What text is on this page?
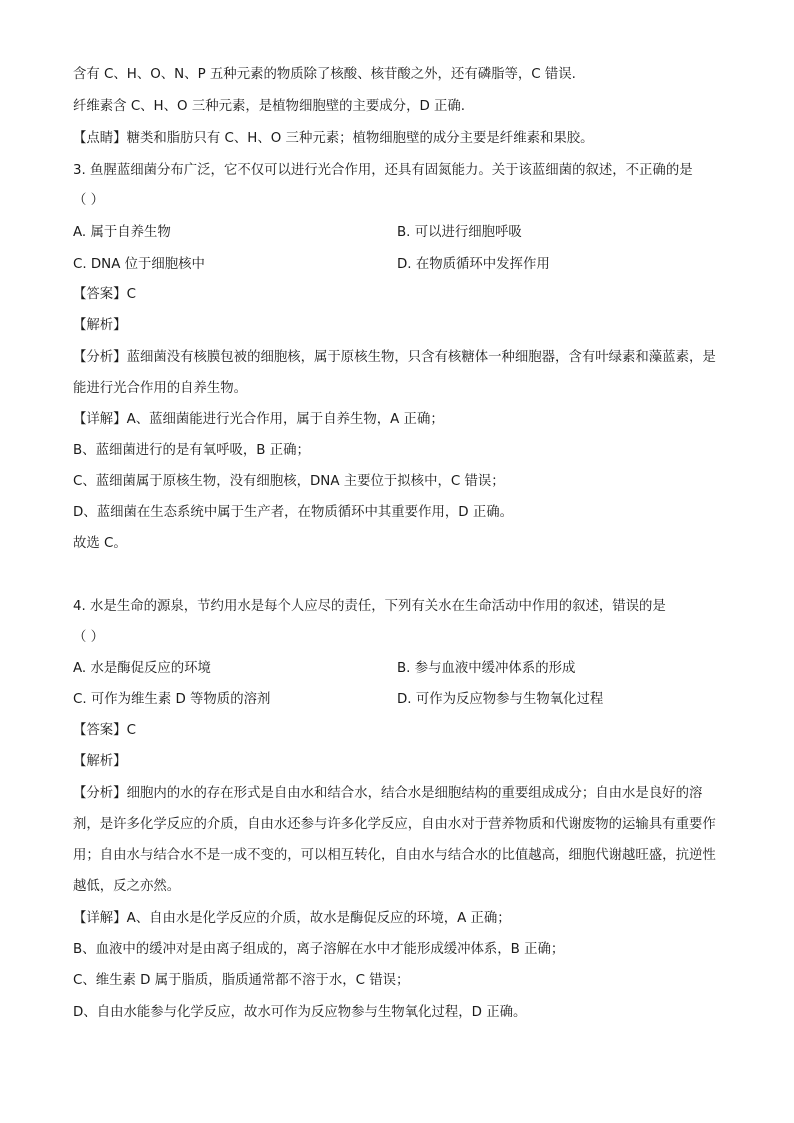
含有 C、H、O、N、P 五种元素的物质除了核酸、核苷酸之外，还有磷脂等，C 错误.
纤维素含 C、H、O 三种元素，是植物细胞壁的主要成分，D 正确.
【点睛】糖类和脂肪只有 C、H、O 三种元素；植物细胞壁的成分主要是纤维素和果胶。
3. 鱼腥蓝细菌分布广泛，它不仅可以进行光合作用，还具有固氮能力。关于该蓝细菌的叙述，不正确的是
（ ）
A. 属于自养生物	B. 可以进行细胞呼吸
C. DNA 位于细胞核中	D. 在物质循环中发挥作用
【答案】C
【解析】
【分析】蓝细菌没有核膜包被的细胞核，属于原核生物，只含有核糖体一种细胞器，含有叶绿素和藻蓝素，是能进行光合作用的自养生物。
【详解】A、蓝细菌能进行光合作用，属于自养生物，A 正确；
B、蓝细菌进行的是有氧呼吸，B 正确；
C、蓝细菌属于原核生物，没有细胞核，DNA 主要位于拟核中，C 错误；
D、蓝细菌在生态系统中属于生产者，在物质循环中其重要作用，D 正确。
故选 C。
4. 水是生命的源泉，节约用水是每个人应尽的责任，下列有关水在生命活动中作用的叙述，错误的是
（ ）
A. 水是酶促反应的环境	B. 参与血液中缓冲体系的形成
C. 可作为维生素 D 等物质的溶剂	D. 可作为反应物参与生物氧化过程
【答案】C
【解析】
【分析】细胞内的水的存在形式是自由水和结合水，结合水是细胞结构的重要组成成分；自由水是良好的溶剂，是许多化学反应的介质，自由水还参与许多化学反应，自由水对于营养物质和代谢废物的运输具有重要作用；自由水与结合水不是一成不变的，可以相互转化，自由水与结合水的比值越高，细胞代谢越旺盛，抗逆性越低，反之亦然。
【详解】A、自由水是化学反应的介质，故水是酶促反应的环境，A 正确；
B、血液中的缓冲对是由离子组成的，离子溶解在水中才能形成缓冲体系，B 正确；
C、维生素 D 属于脂质，脂质通常都不溶于水，C 错误；
D、自由水能参与化学反应，故水可作为反应物参与生物氧化过程，D 正确。
